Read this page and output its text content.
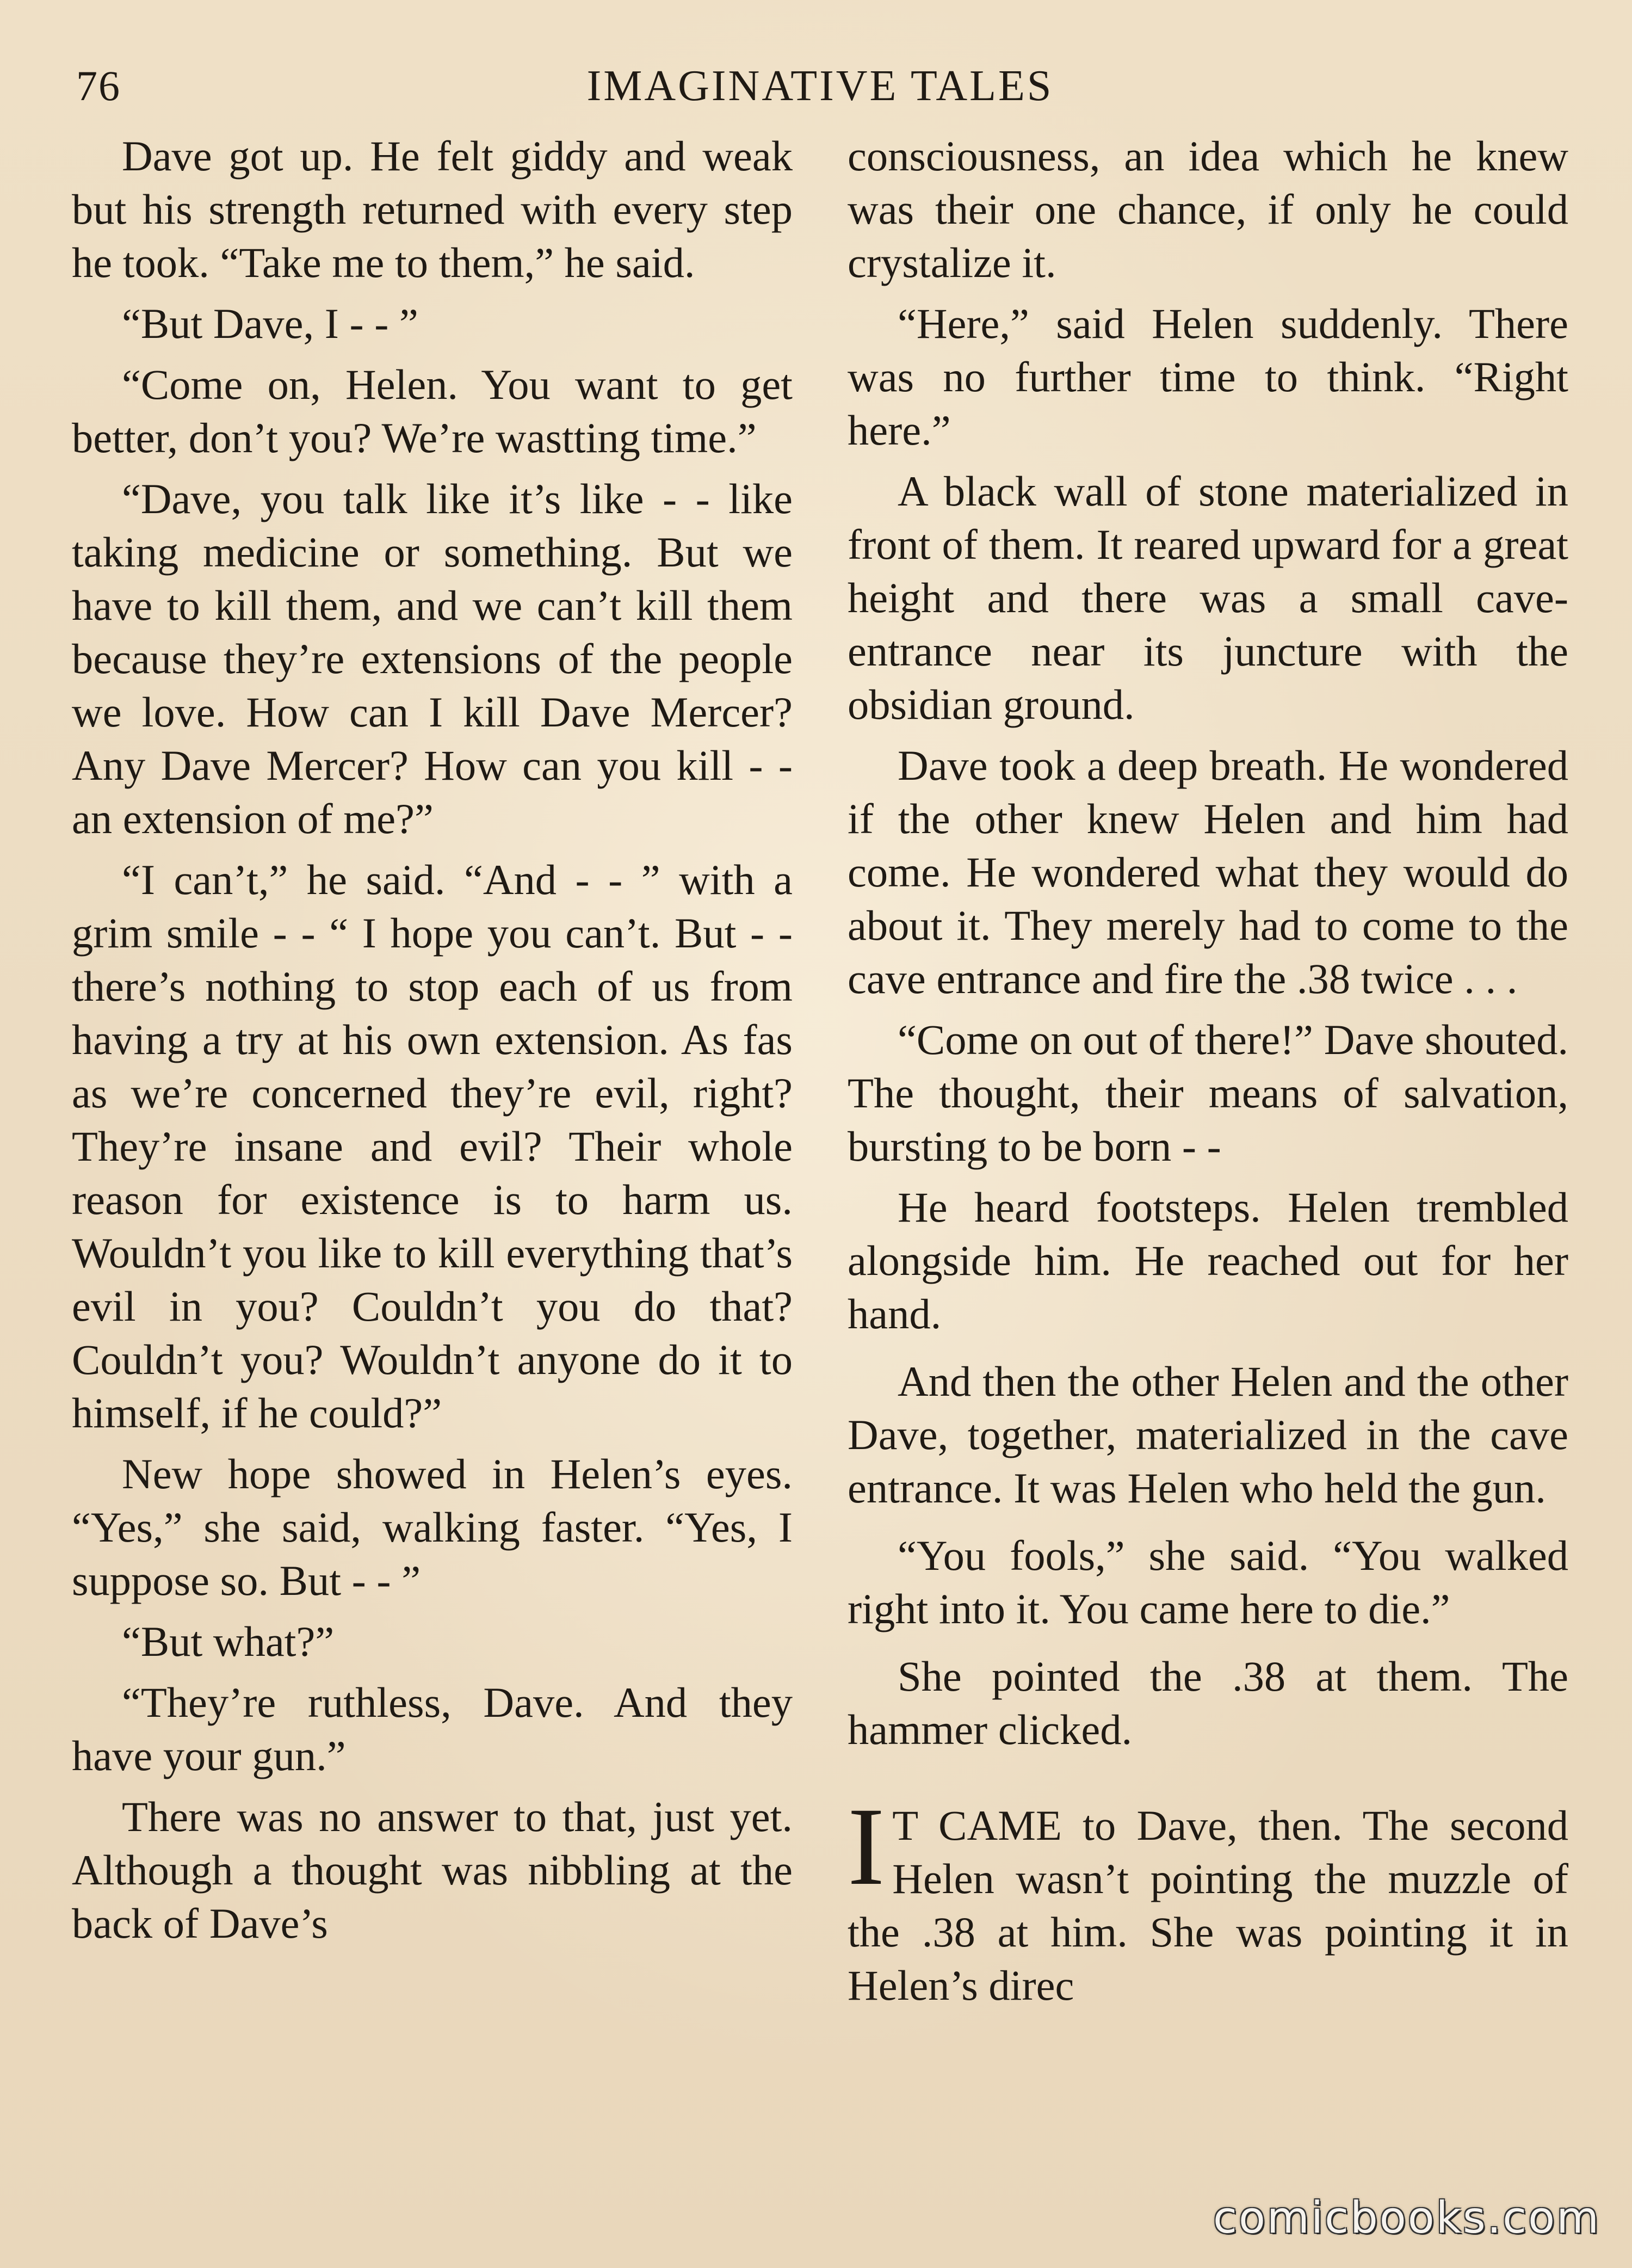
76	IMAGINATIVE TALES

Dave got up. He felt giddy and weak but his strength returned with every step he took. “Take me to them,” he said.

“But Dave, I - - ”

“Come on, Helen. You want to get better, don’t you? We’re wastting time.”

“Dave, you talk like it’s like - - like taking medicine or something. But we have to kill them, and we can’t kill them because they’re extensions of the people we love. How can I kill Dave Mercer? Any Dave Mercer? How can you kill - - an extension of me?”

“I can’t,” he said. “And - - ” with a grim smile - - “ I hope you can’t. But - - there’s nothing to stop each of us from having a try at his own extension. As fas as we’re concerned they’re evil, right? They’re insane and evil? Their whole reason for existence is to harm us. Wouldn’t you like to kill everything that’s evil in you? Couldn’t you do that? Couldn’t you? Wouldn’t anyone do it to himself, if he could?”

New hope showed in Helen’s eyes. “Yes,” she said, walking faster. “Yes, I suppose so. But - - ”

“But what?”

“They’re ruthless, Dave. And they have your gun.”

There was no answer to that, just yet. Although a thought was nibbling at the back of Dave’s

consciousness, an idea which he knew was their one chance, if only he could crystalize it.

“Here,” said Helen suddenly. There was no further time to think. “Right here.”

A black wall of stone materialized in front of them. It reared upward for a great height and there was a small cave-entrance near its juncture with the obsidian ground.

Dave took a deep breath. He wondered if the other knew Helen and him had come. He wondered what they would do about it. They merely had to come to the cave entrance and fire the .38 twice . . .

“Come on out of there!” Dave shouted. The thought, their means of salvation, bursting to be born - -

He heard footsteps. Helen trembled alongside him. He reached out for her hand.

And then the other Helen and the other Dave, together, materialized in the cave entrance. It was Helen who held the gun.

“You fools,” she said. “You walked right into it. You came here to die.”

She pointed the .38 at them. The hammer clicked.

I T CAME to Dave, then. The second Helen wasn’t pointing the muzzle of the .38 at him. She was pointing it in Helen’s direc

comicbooks.com
